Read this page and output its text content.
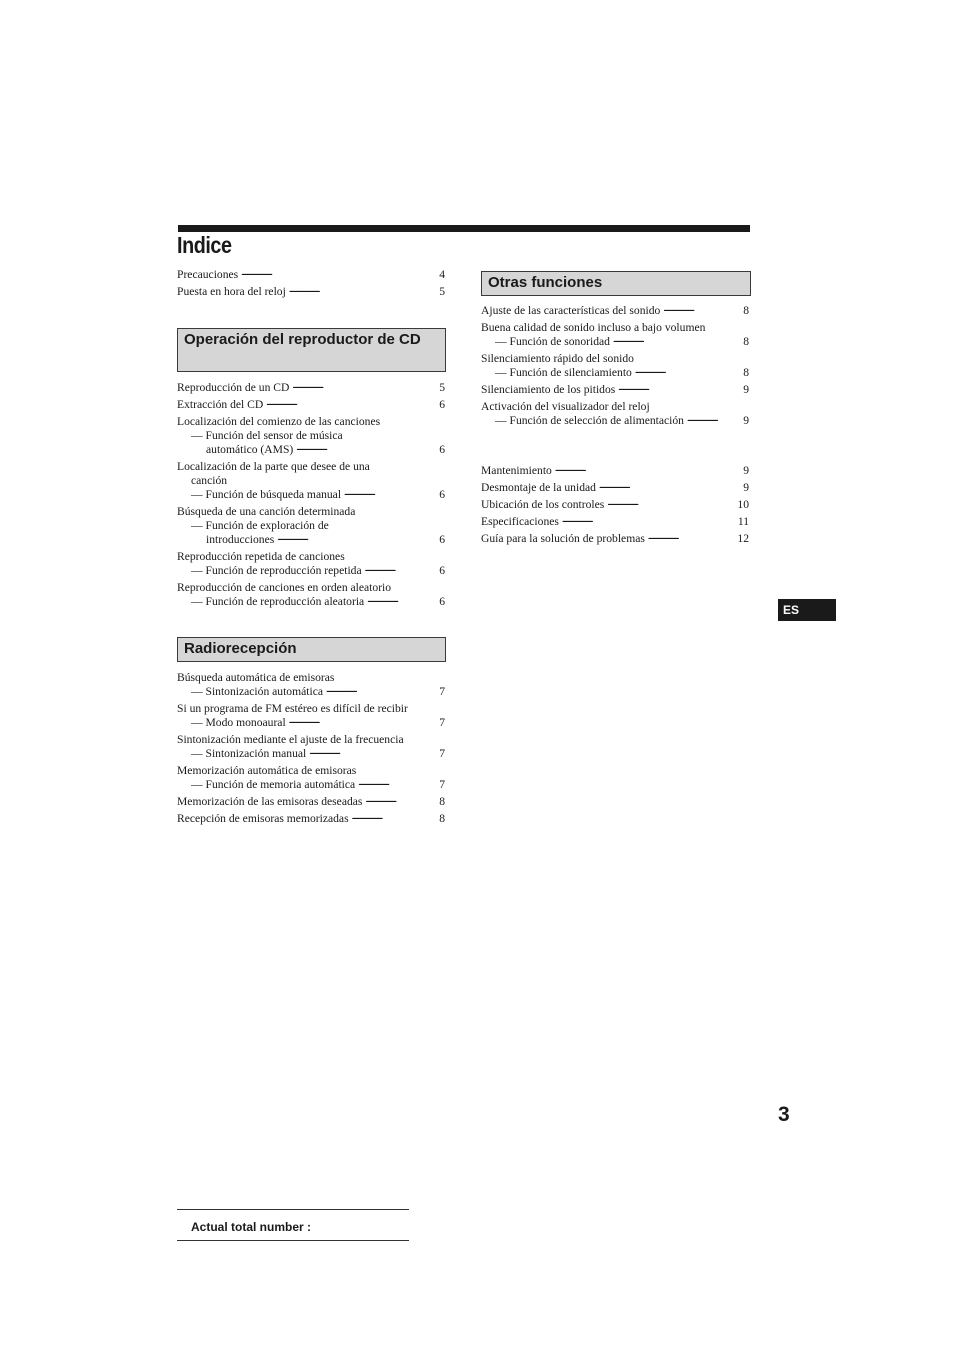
Indice
Precauciones . . .	4
Puesta en hora del reloj . . .	5
Operación del reproductor de CD
Reproducción de un CD . . .	5
Extracción del CD . . .	6
Localización del comienzo de las canciones
— Función del sensor de música
automático (AMS) . . .	6
Localización de la parte que desee de una
canción
— Función de búsqueda manual . . .	6
Búsqueda de una canción determinada
— Función de exploración de
introducciones . . .	6
Reproducción repetida de canciones
— Función de reproducción repetida . . .	6
Reproducción de canciones en orden aleatorio
— Función de reproducción aleatoria . . .	6
Radiorecepción
Búsqueda automática de emisoras
— Sintonización automática . . .	7
Si un programa de FM estéreo es difícil de recibir
— Modo monoaural . . .	7
Sintonización mediante el ajuste de la frecuencia
— Sintonización manual . . .	7
Memorización automática de emisoras
— Función de memoria automática . . .	7
Memorización de las emisoras deseadas . . .	8
Recepción de emisoras memorizadas . . .	8
Otras funciones
Ajuste de las características del sonido . . .	8
Buena calidad de sonido incluso a bajo volumen
— Función de sonoridad . . .	8
Silenciamiento rápido del sonido
— Función de silenciamiento . . .	8
Silenciamiento de los pitidos . . .	9
Activación del visualizador del reloj
— Función de selección de alimentación . . .	9
Mantenimiento . . .	9
Desmontaje de la unidad . . .	9
Ubicación de los controles . . .	10
Especificaciones . . .	11
Guía para la solución de problemas . . .	12
ES
3
Actual total number :
